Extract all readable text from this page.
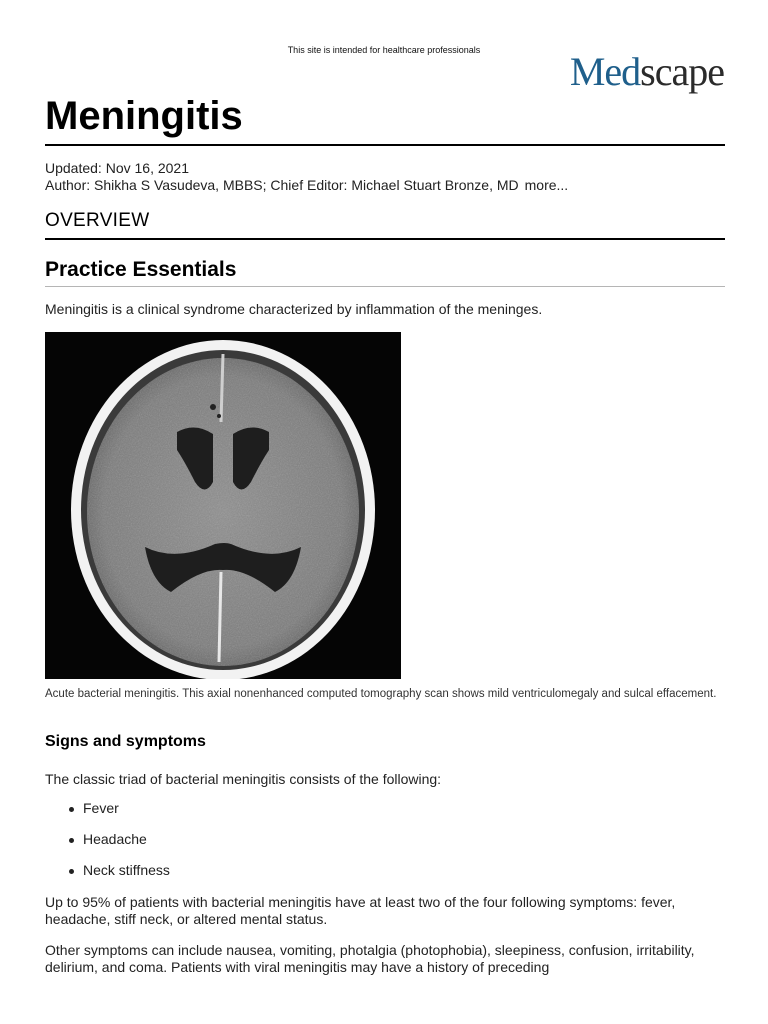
This site is intended for healthcare professionals	Medscape
Meningitis
Updated: Nov 16, 2021
Author: Shikha S Vasudeva, MBBS; Chief Editor: Michael Stuart Bronze, MD more...
OVERVIEW
Practice Essentials
Meningitis is a clinical syndrome characterized by inflammation of the meninges.
Acute bacterial meningitis. This axial nonenhanced computed tomography scan shows mild ventriculomegaly and sulcal effacement.
Signs and symptoms
The classic triad of bacterial meningitis consists of the following:
Fever
Headache
Neck stiffness
Up to 95% of patients with bacterial meningitis have at least two of the four following symptoms: fever, headache, stiff neck, or altered mental status.
Other symptoms can include nausea, vomiting, photalgia (photophobia), sleepiness, confusion, irritability, delirium, and coma. Patients with viral meningitis may have a history of preceding
